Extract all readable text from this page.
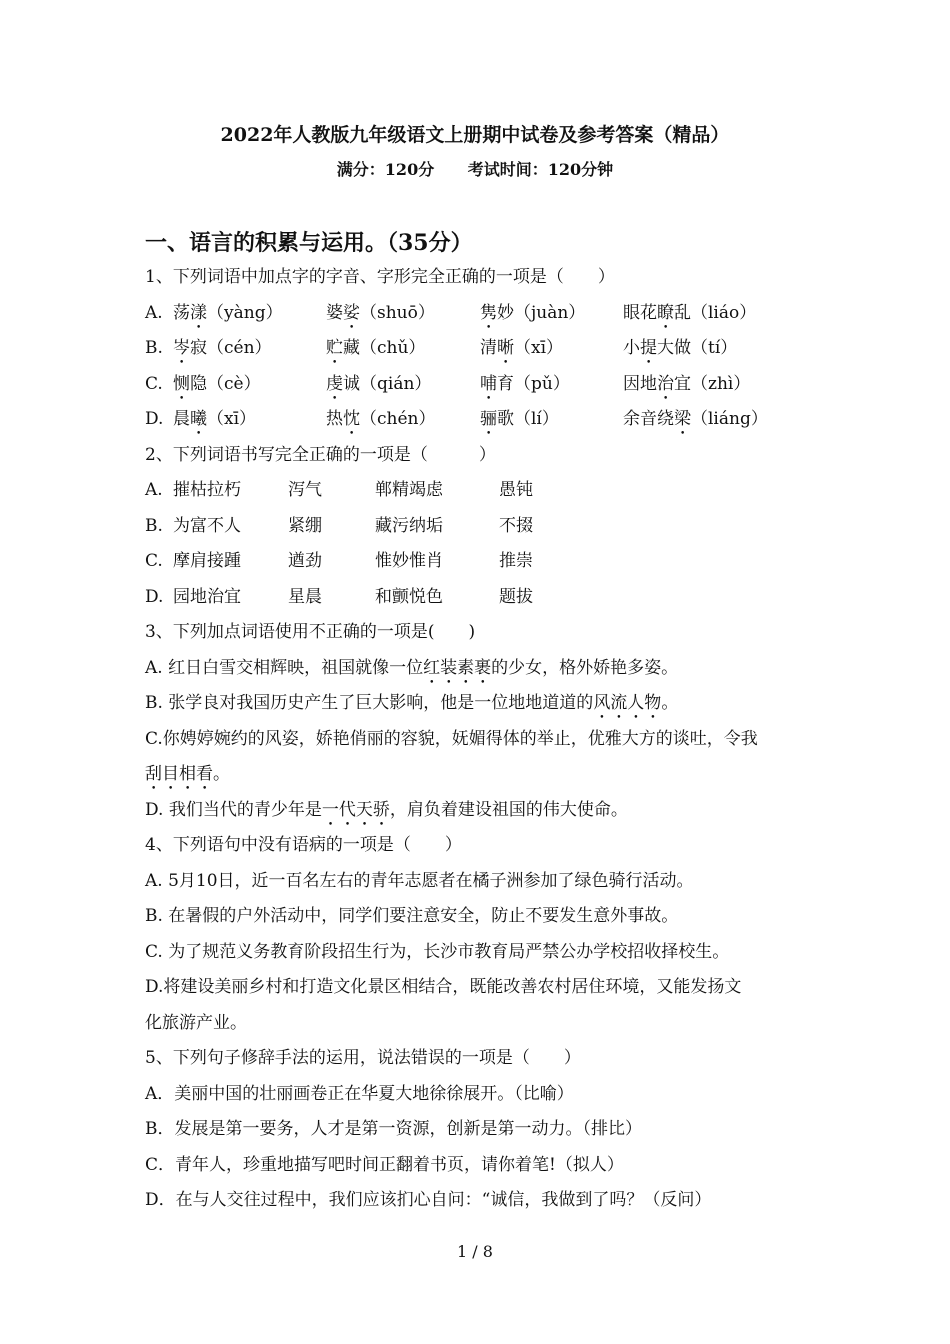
2022年人教版九年级语文上册期中试卷及参考答案（精品）
满分：120分 考试时间：120分钟
一、语言的积累与运用。（35分）
1、下列词语中加点字的字音、字形完全正确的一项是（　　）
A. 荡漾（yàng）	婆娑（shuō）	隽妙（juàn） 眼花瞭乱（liáo）
B. 岑寂（cén）	贮藏（chǔ）	清晰（xī）	小提大做（tí）
C. 恻隐（cè）	虔诚（qián）	哺育（pǔ）	因地治宜（zhì）
D. 晨曦（xī）	热忱（chén）	骊歌（lí）	余音绕梁（liáng）
2、下列词语书写完全正确的一项是（　　　）
A. 摧枯拉朽	泻气	郸精竭虑	愚钝
B. 为富不人	紧绷	藏污纳垢	不掇
C. 摩肩接踵	遒劲	惟妙惟肖	推崇
D. 园地治宜	星晨	和颤悦色	题拔
3、下列加点词语使用不正确的一项是(　　)
A. 红日白雪交相辉映，祖国就像一位红装素裹的少女，格外娇艳多姿。
B. 张学良对我国历史产生了巨大影响，他是一位地地道道的风流人物。
C.你娉婷婉约的风姿，娇艳俏丽的容貌，妩媚得体的举止，优雅大方的谈吐，令我
刮目相看。
D. 我们当代的青少年是一代天骄，肩负着建设祖国的伟大使命。
4、下列语句中没有语病的一项是（　　）
A. 5月10日，近一百名左右的青年志愿者在橘子洲参加了绿色骑行活动。
B. 在暑假的户外活动中，同学们要注意安全，防止不要发生意外事故。
C. 为了规范义务教育阶段招生行为，长沙市教育局严禁公办学校招收择校生。
D.将建设美丽乡村和打造文化景区相结合，既能改善农村居住环境，又能发扬文
化旅游产业。
5、下列句子修辞手法的运用，说法错误的一项是（　　）
A．美丽中国的壮丽画卷正在华夏大地徐徐展开。（比喻）
B．发展是第一要务，人才是第一资源，创新是第一动力。（排比）
C．青年人，珍重地描写吧时间正翻着书页，请你着笔!（拟人）
D．在与人交往过程中，我们应该扪心自问：“诚信，我做到了吗？（反问）
1 / 8
